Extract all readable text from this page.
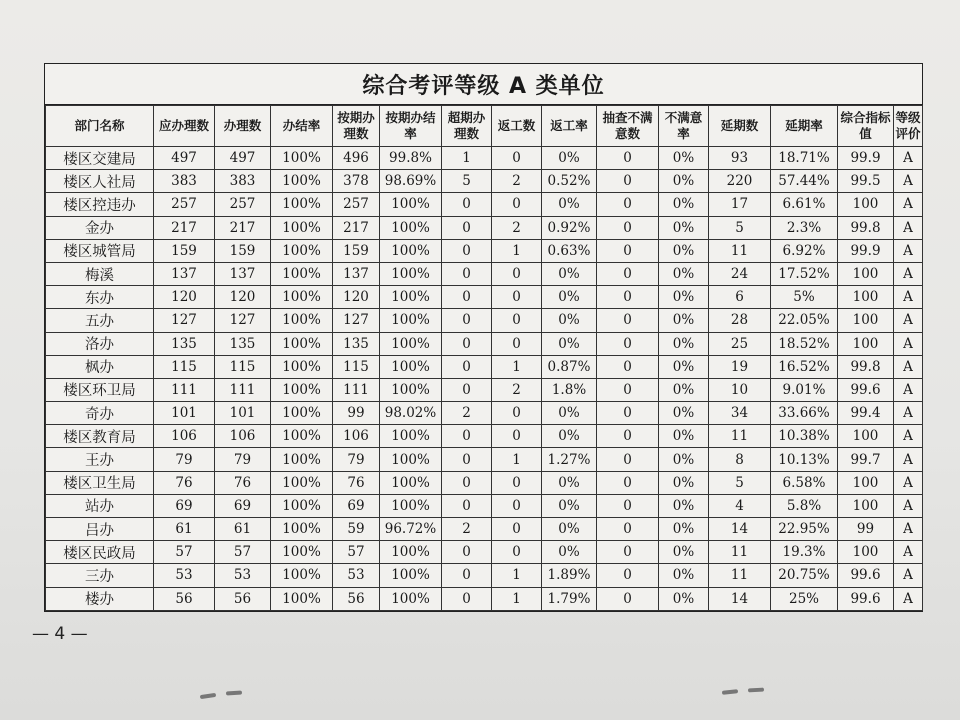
综合考评等级 A 类单位
部门名称	应办理数	办理数	办结率	按期办理数	按期办结率	超期办理数	返工数	返工率	抽查不满意数	不满意率	延期数	延期率	综合指标值	等级评价
楼区交建局	497	497	100%	496	99.8%	1	0	0%	0	0%	93	18.71%	99.9	A
楼区人社局	383	383	100%	378	98.69%	5	2	0.52%	0	0%	220	57.44%	99.5	A
楼区控违办	257	257	100%	257	100%	0	0	0%	0	0%	17	6.61%	100	A
金办	217	217	100%	217	100%	0	2	0.92%	0	0%	5	2.3%	99.8	A
楼区城管局	159	159	100%	159	100%	0	1	0.63%	0	0%	11	6.92%	99.9	A
梅溪	137	137	100%	137	100%	0	0	0%	0	0%	24	17.52%	100	A
东办	120	120	100%	120	100%	0	0	0%	0	0%	6	5%	100	A
五办	127	127	100%	127	100%	0	0	0%	0	0%	28	22.05%	100	A
洛办	135	135	100%	135	100%	0	0	0%	0	0%	25	18.52%	100	A
枫办	115	115	100%	115	100%	0	1	0.87%	0	0%	19	16.52%	99.8	A
楼区环卫局	111	111	100%	111	100%	0	2	1.8%	0	0%	10	9.01%	99.6	A
奇办	101	101	100%	99	98.02%	2	0	0%	0	0%	34	33.66%	99.4	A
楼区教育局	106	106	100%	106	100%	0	0	0%	0	0%	11	10.38%	100	A
王办	79	79	100%	79	100%	0	1	1.27%	0	0%	8	10.13%	99.7	A
楼区卫生局	76	76	100%	76	100%	0	0	0%	0	0%	5	6.58%	100	A
站办	69	69	100%	69	100%	0	0	0%	0	0%	4	5.8%	100	A
吕办	61	61	100%	59	96.72%	2	0	0%	0	0%	14	22.95%	99	A
楼区民政局	57	57	100%	57	100%	0	0	0%	0	0%	11	19.3%	100	A
三办	53	53	100%	53	100%	0	1	1.89%	0	0%	11	20.75%	99.6	A
楼办	56	56	100%	56	100%	0	1	1.79%	0	0%	14	25%	99.6	A
— 4 —
